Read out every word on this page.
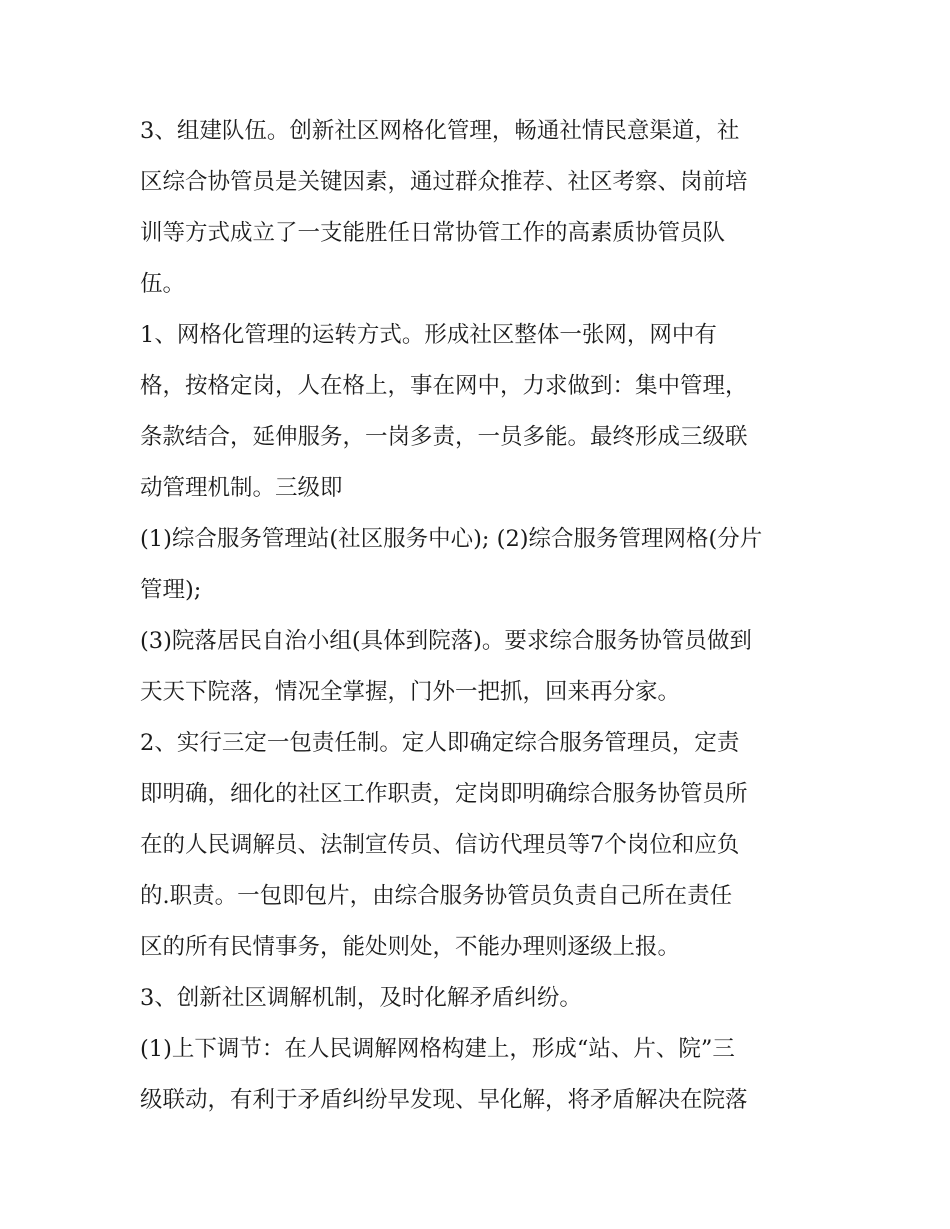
3、组建队伍。创新社区网格化管理，畅通社情民意渠道，社
区综合协管员是关键因素，通过群众推荐、社区考察、岗前培
训等方式成立了一支能胜任日常协管工作的高素质协管员队
伍。
1、网格化管理的运转方式。形成社区整体一张网，网中有
格，按格定岗，人在格上，事在网中，力求做到：集中管理，
条款结合，延伸服务，一岗多责，一员多能。最终形成三级联
动管理机制。三级即
(1)综合服务管理站(社区服务中心); (2)综合服务管理网格(分片
管理);
(3)院落居民自治小组(具体到院落)。要求综合服务协管员做到
天天下院落，情况全掌握，门外一把抓，回来再分家。
2、实行三定一包责任制。定人即确定综合服务管理员，定责
即明确，细化的社区工作职责，定岗即明确综合服务协管员所
在的人民调解员、法制宣传员、信访代理员等7个岗位和应负
的.职责。一包即包片，由综合服务协管员负责自己所在责任
区的所有民情事务，能处则处，不能办理则逐级上报。
3、创新社区调解机制，及时化解矛盾纠纷。
(1)上下调节：在人民调解网格构建上，形成“站、片、院”三
级联动，有利于矛盾纠纷早发现、早化解，将矛盾解决在院落
